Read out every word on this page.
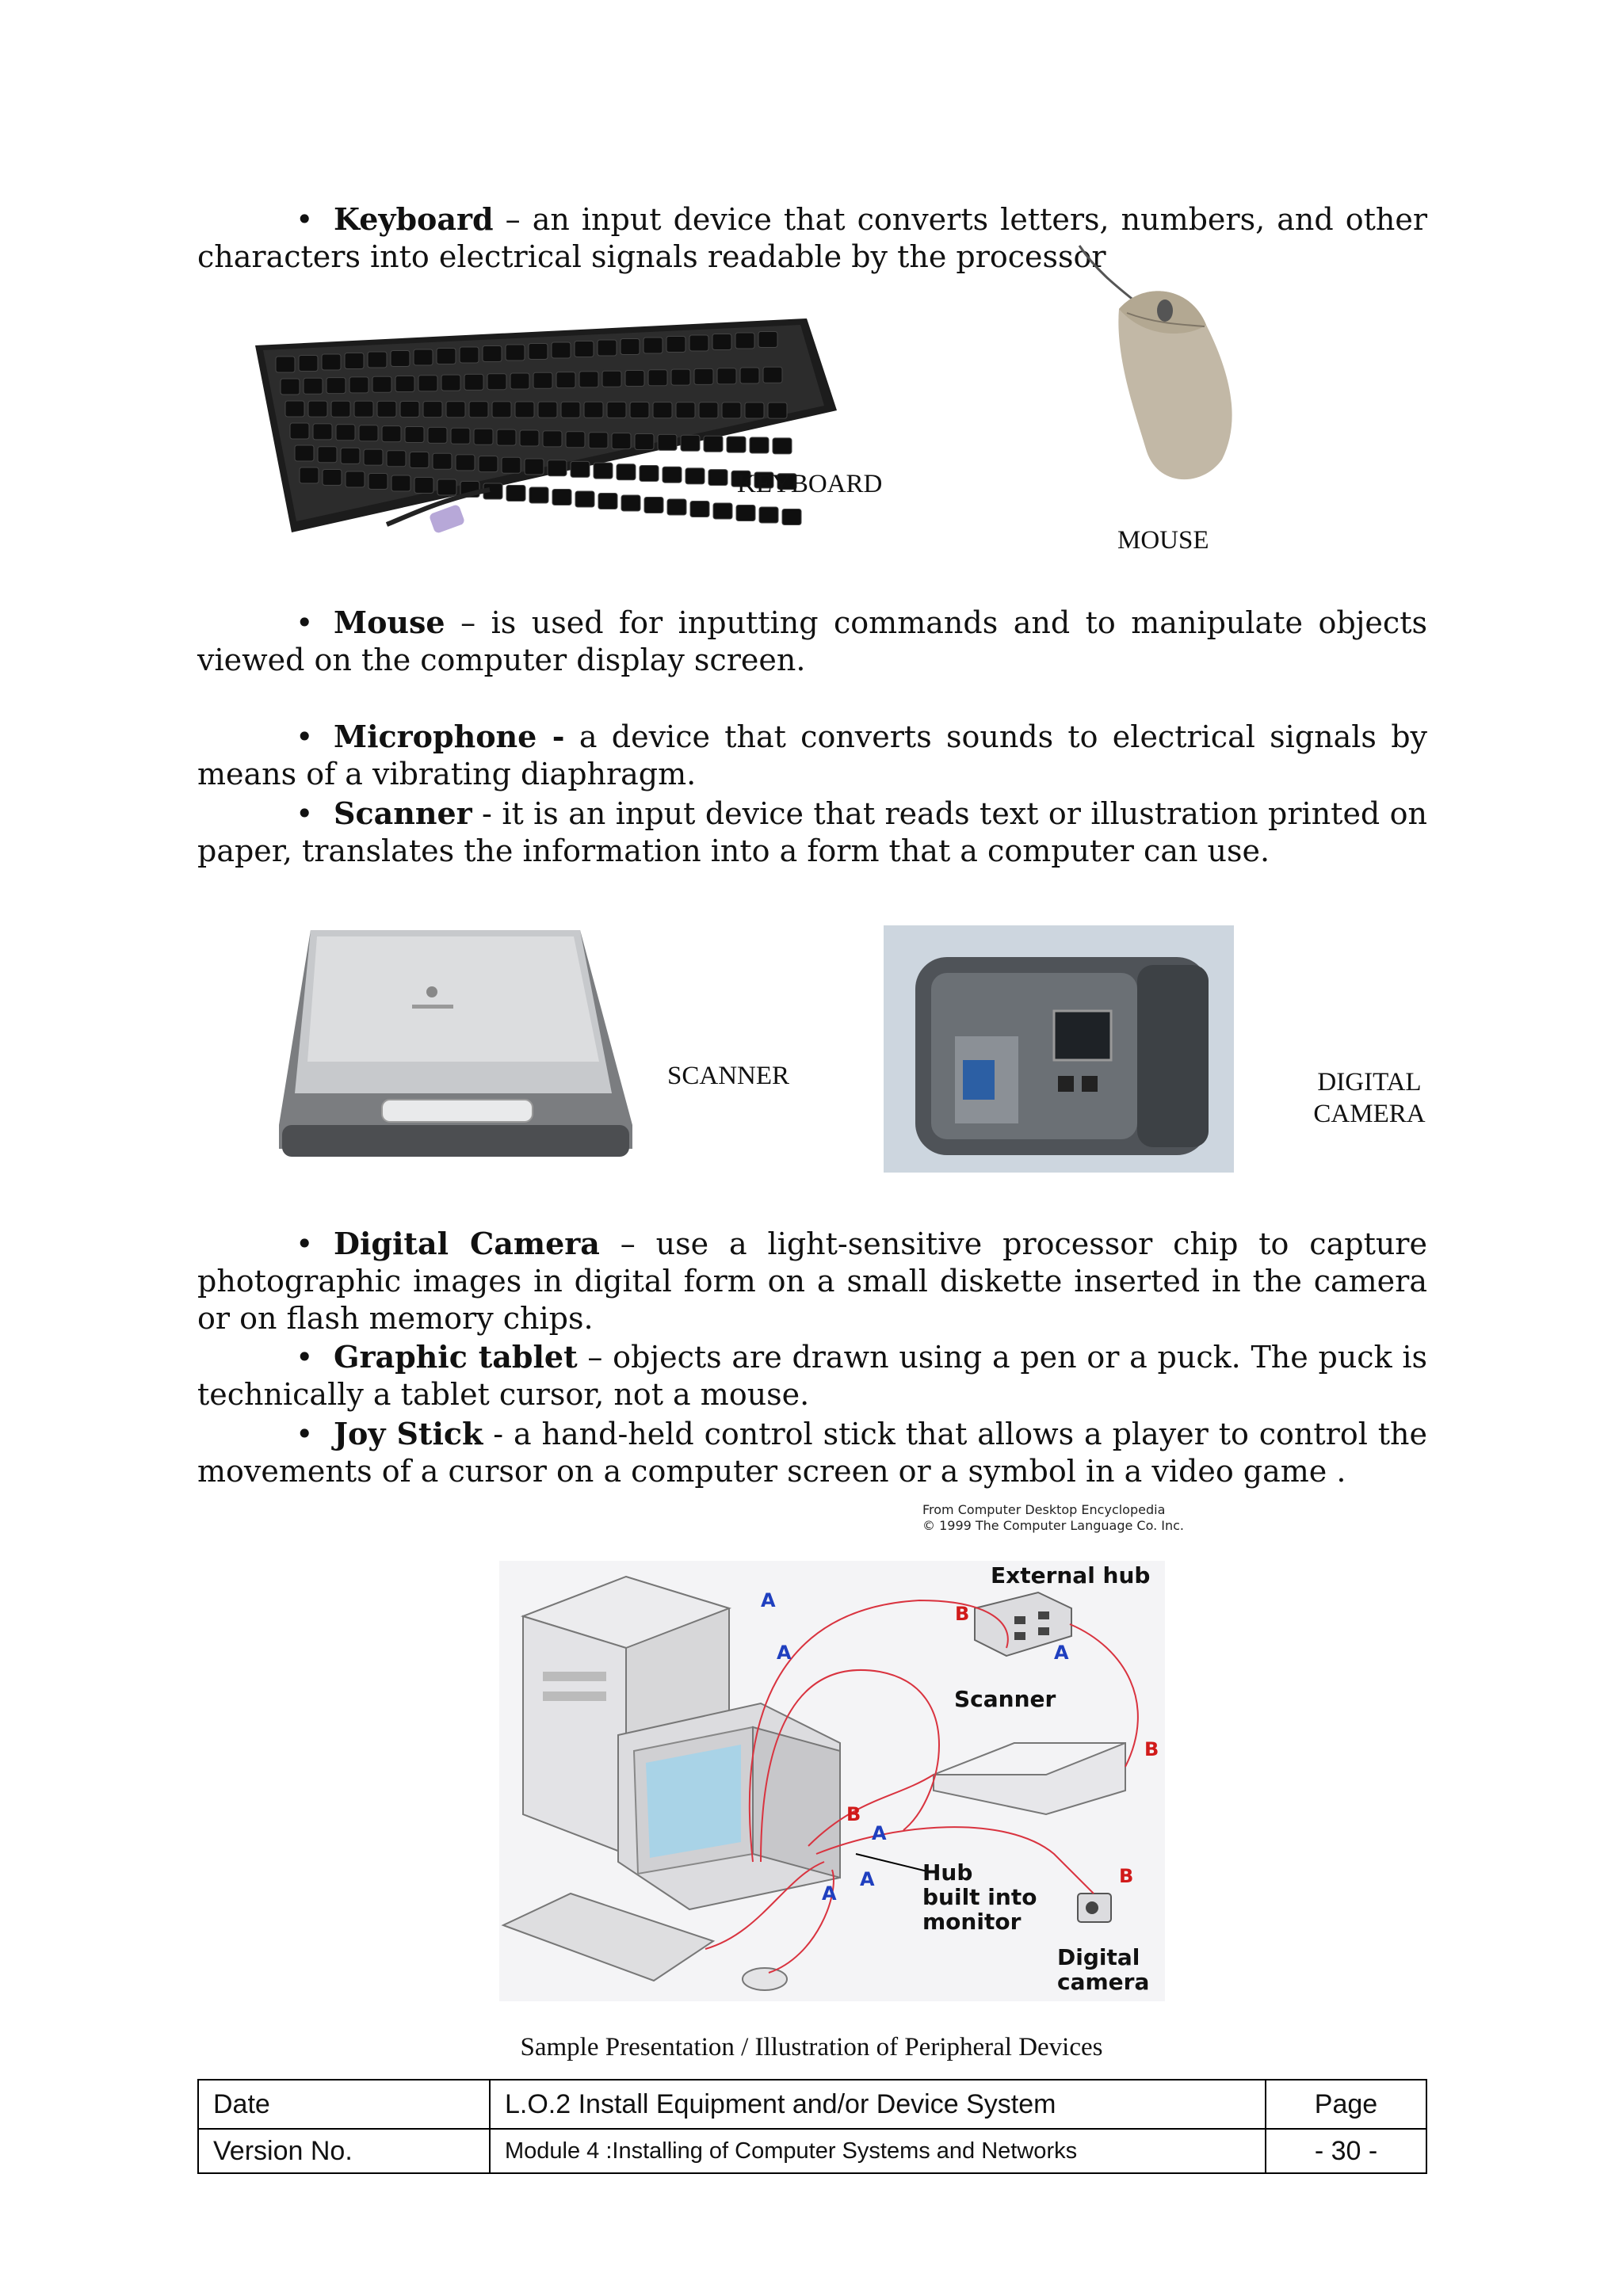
• Keyboard – an input device that converts letters, numbers, and other characters into electrical signals readable by the processor

KEYBOARD
MOUSE

• Mouse – is used for inputting commands and to manipulate objects viewed on the computer display screen.

• Microphone - a device that converts sounds to electrical signals by means of a vibrating diaphragm.

• Scanner - it is an input device that reads text or illustration printed on paper, translates the information into a form that a computer can use.

SCANNER	DIGITAL
CAMERA

• Digital Camera – use a light-sensitive processor chip to capture photographic images in digital form on a small diskette inserted in the camera or on flash memory chips.

• Graphic tablet – objects are drawn using a pen or a puck. The puck is technically a tablet cursor, not a mouse.

• Joy Stick - a hand-held control stick that allows a player to control the movements of a cursor on a computer screen or a symbol in a video game .

From Computer Desktop Encyclopedia
© 1999 The Computer Language Co. Inc.
A
A
B
A
B
B
A
A
A
B
External hub
Scanner
Hub
built into
monitor
Digital
camera
Sample Presentation / Illustration of Peripheral Devices
Date	L.O.2 Install Equipment and/or Device System	Page
Version No.	Module 4 :Installing of Computer Systems and Networks	- 30 -
